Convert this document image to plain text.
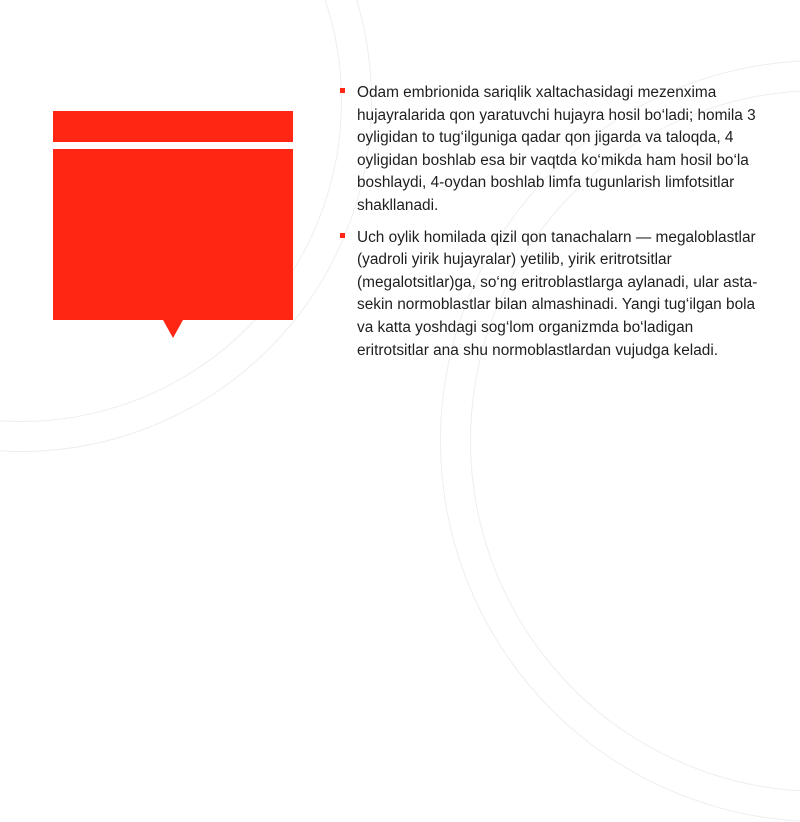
Odam embrionida sariqlik xaltachasidagi mezenxima hujayralarida qon yaratuvchi hujayra hosil bo‘ladi; homila 3 oyligidan to tug‘ilguniga qadar qon jigarda va taloqda, 4 oyligidan boshlab esa bir vaqtda ko‘mikda ham hosil bo‘la boshlaydi, 4-oydan boshlab limfa tugunlarish limfotsitlar shakllanadi.

Uch oylik homilada qizil qon tanachalarn — megaloblastlar (yadroli yirik hujayralar) yetilib, yirik eritrotsitlar (megalotsitlar)ga, so‘ng eritroblastlarga aylanadi, ular asta-sekin normoblastlar bilan almashinadi. Yangi tug‘ilgan bola va katta yoshdagi sog‘lom organizmda bo‘ladigan eritrotsitlar ana shu normoblastlardan vujudga keladi.
